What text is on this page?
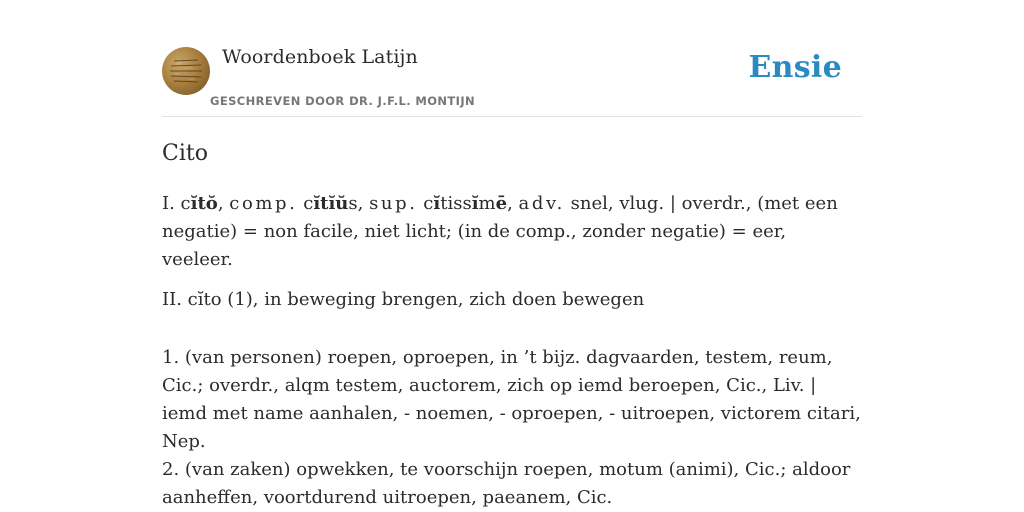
Woordenboek Latijn
GESCHREVEN DOOR DR. J.F.L. MONTIJN
Ensie
Cito

I. cĭtŏ, comp. cĭtĭŭs, sup. cĭtissĭmē, adv. snel, vlug. | overdr., (met een negatie) = non facile, niet licht; (in de comp., zonder negatie) = eer, veeleer.

II. cĭto (1), in beweging brengen, zich doen bewegen

1. (van personen) roepen, oproepen, in ’t bijz. dagvaarden, testem, reum, Cic.; overdr., alqm testem, auctorem, zich op iemd beroepen, Cic., Liv. | iemd met name aanhalen, - noemen, - oproepen, - uitroepen, victorem citari, Nep.
2. (van zaken) opwekken, te voorschijn roepen, motum (animi), Cic.; aldoor aanheffen, voortdurend uitroepen, paeanem, Cic.
